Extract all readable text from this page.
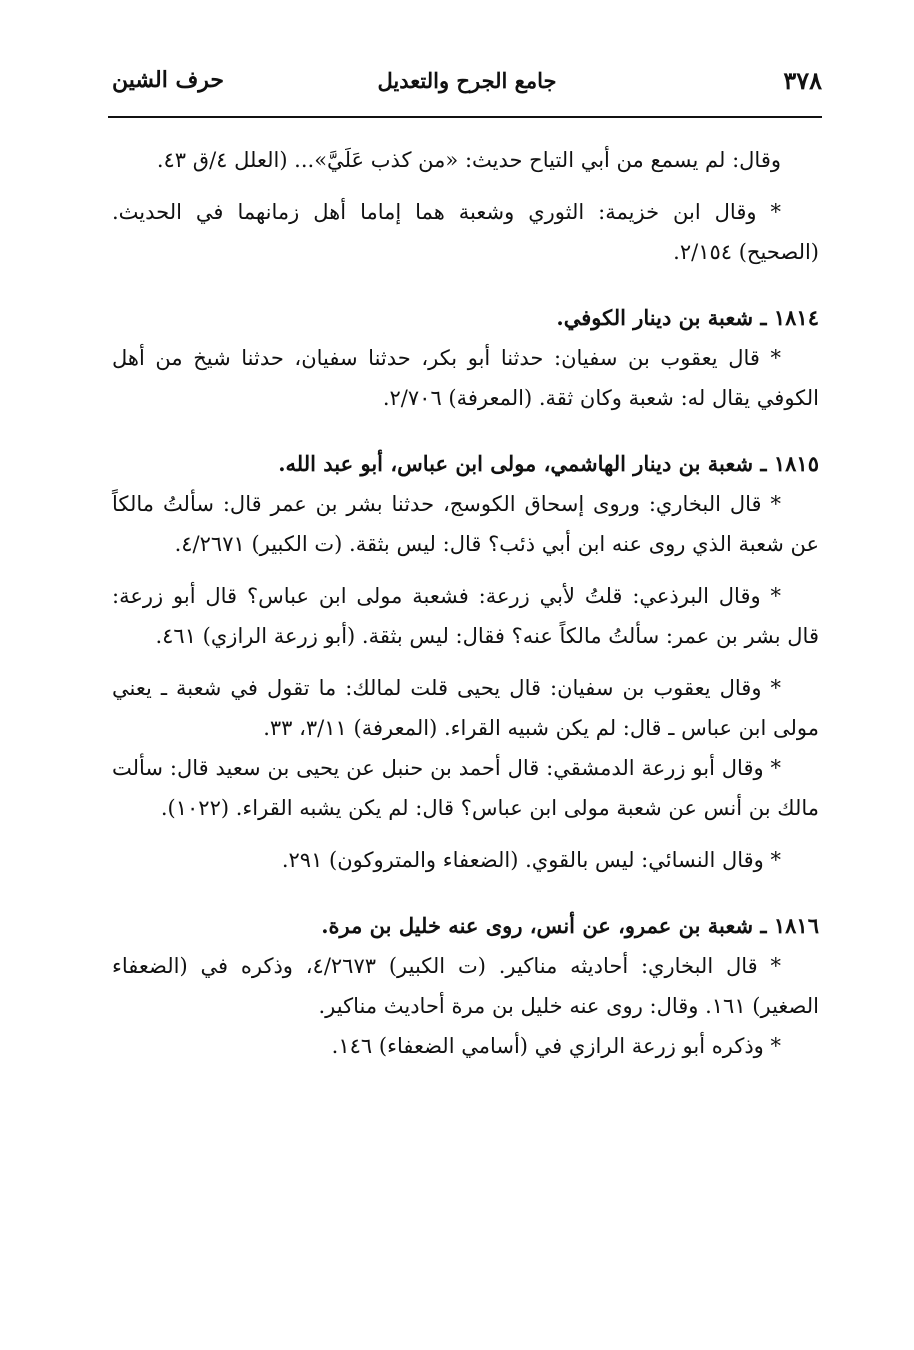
٣٧٨
جامع الجرح والتعديل
حرف الشين

وقال: لم يسمع من أبي التياح حديث: «من كذب عَلَيَّ»... (العلل ٤/ق ٤٣.

* وقال ابن خزيمة: الثوري وشعبة هما إماما أهل زمانهما في الحديث. (الصحيح) ٢/١٥٤.

١٨١٤ ـ شعبة بن دينار الكوفي.

* قال يعقوب بن سفيان: حدثنا أبو بكر، حدثنا سفيان، حدثنا شيخ من أهل الكوفي يقال له: شعبة وكان ثقة. (المعرفة) ٢/٧٠٦.

١٨١٥ ـ شعبة بن دينار الهاشمي، مولى ابن عباس، أبو عبد الله.

* قال البخاري: وروى إسحاق الكوسج، حدثنا بشر بن عمر قال: سألتُ مالكاً عن شعبة الذي روى عنه ابن أبي ذئب؟ قال: ليس بثقة. (ت الكبير) ٤/٢٦٧١.

* وقال البرذعي: قلتُ لأبي زرعة: فشعبة مولى ابن عباس؟ قال أبو زرعة: قال بشر بن عمر: سألتُ مالكاً عنه؟ فقال: ليس بثقة. (أبو زرعة الرازي) ٤٦١.

* وقال يعقوب بن سفيان: قال يحيى قلت لمالك: ما تقول في شعبة ـ يعني مولى ابن عباس ـ قال: لم يكن شبيه القراء. (المعرفة) ٣/١١، ٣٣.

* وقال أبو زرعة الدمشقي: قال أحمد بن حنبل عن يحيى بن سعيد قال: سألت مالك بن أنس عن شعبة مولى ابن عباس؟ قال: لم يكن يشبه القراء. (١٠٢٢).

* وقال النسائي: ليس بالقوي. (الضعفاء والمتروكون) ٢٩١.

١٨١٦ ـ شعبة بن عمرو، عن أنس، روى عنه خليل بن مرة.

* قال البخاري: أحاديثه مناكير. (ت الكبير) ٤/٢٦٧٣، وذكره في (الضعفاء الصغير) ١٦١. وقال: روى عنه خليل بن مرة أحاديث مناكير.

* وذكره أبو زرعة الرازي في (أسامي الضعفاء) ١٤٦.
